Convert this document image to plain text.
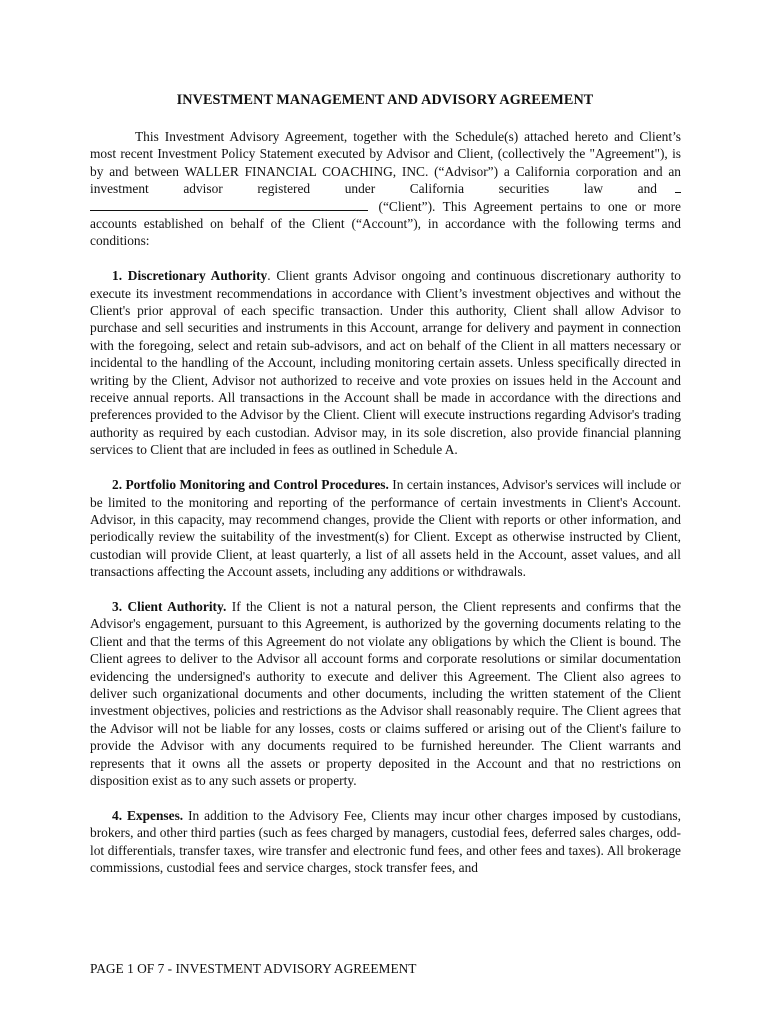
INVESTMENT MANAGEMENT AND ADVISORY AGREEMENT

This Investment Advisory Agreement, together with the Schedule(s) attached hereto and Client’s most recent Investment Policy Statement executed by Advisor and Client, (collectively the "Agreement"), is by and between WALLER FINANCIAL COACHING, INC. (“Advisor”) a California corporation and an investment advisor registered under California securities law and  (“Client”). This Agreement pertains to one or more accounts established on behalf of the Client (“Account”), in accordance with the following terms and conditions:

1. Discretionary Authority. Client grants Advisor ongoing and continuous discretionary authority to execute its investment recommendations in accordance with Client’s investment objectives and without the Client's prior approval of each specific transaction. Under this authority, Client shall allow Advisor to purchase and sell securities and instruments in this Account, arrange for delivery and payment in connection with the foregoing, select and retain sub-advisors, and act on behalf of the Client in all matters necessary or incidental to the handling of the Account, including monitoring certain assets. Unless specifically directed in writing by the Client, Advisor not authorized to receive and vote proxies on issues held in the Account and receive annual reports. All transactions in the Account shall be made in accordance with the directions and preferences provided to the Advisor by the Client. Client will execute instructions regarding Advisor's trading authority as required by each custodian. Advisor may, in its sole discretion, also provide financial planning services to Client that are included in fees as outlined in Schedule A.

2. Portfolio Monitoring and Control Procedures. In certain instances, Advisor's services will include or be limited to the monitoring and reporting of the performance of certain investments in Client's Account. Advisor, in this capacity, may recommend changes, provide the Client with reports or other information, and periodically review the suitability of the investment(s) for Client. Except as otherwise instructed by Client, custodian will provide Client, at least quarterly, a list of all assets held in the Account, asset values, and all transactions affecting the Account assets, including any additions or withdrawals.

3. Client Authority. If the Client is not a natural person, the Client represents and confirms that the Advisor's engagement, pursuant to this Agreement, is authorized by the governing documents relating to the Client and that the terms of this Agreement do not violate any obligations by which the Client is bound. The Client agrees to deliver to the Advisor all account forms and corporate resolutions or similar documentation evidencing the undersigned's authority to execute and deliver this Agreement. The Client also agrees to deliver such organizational documents and other documents, including the written statement of the Client investment objectives, policies and restrictions as the Advisor shall reasonably require. The Client agrees that the Advisor will not be liable for any losses, costs or claims suffered or arising out of the Client's failure to provide the Advisor with any documents required to be furnished hereunder. The Client warrants and represents that it owns all the assets or property deposited in the Account and that no restrictions on disposition exist as to any such assets or property.

4. Expenses. In addition to the Advisory Fee, Clients may incur other charges imposed by custodians, brokers, and other third parties (such as fees charged by managers, custodial fees, deferred sales charges, odd-lot differentials, transfer taxes, wire transfer and electronic fund fees, and other fees and taxes). All brokerage commissions, custodial fees and service charges, stock transfer fees, and

PAGE 1 OF 7 - INVESTMENT ADVISORY AGREEMENT
